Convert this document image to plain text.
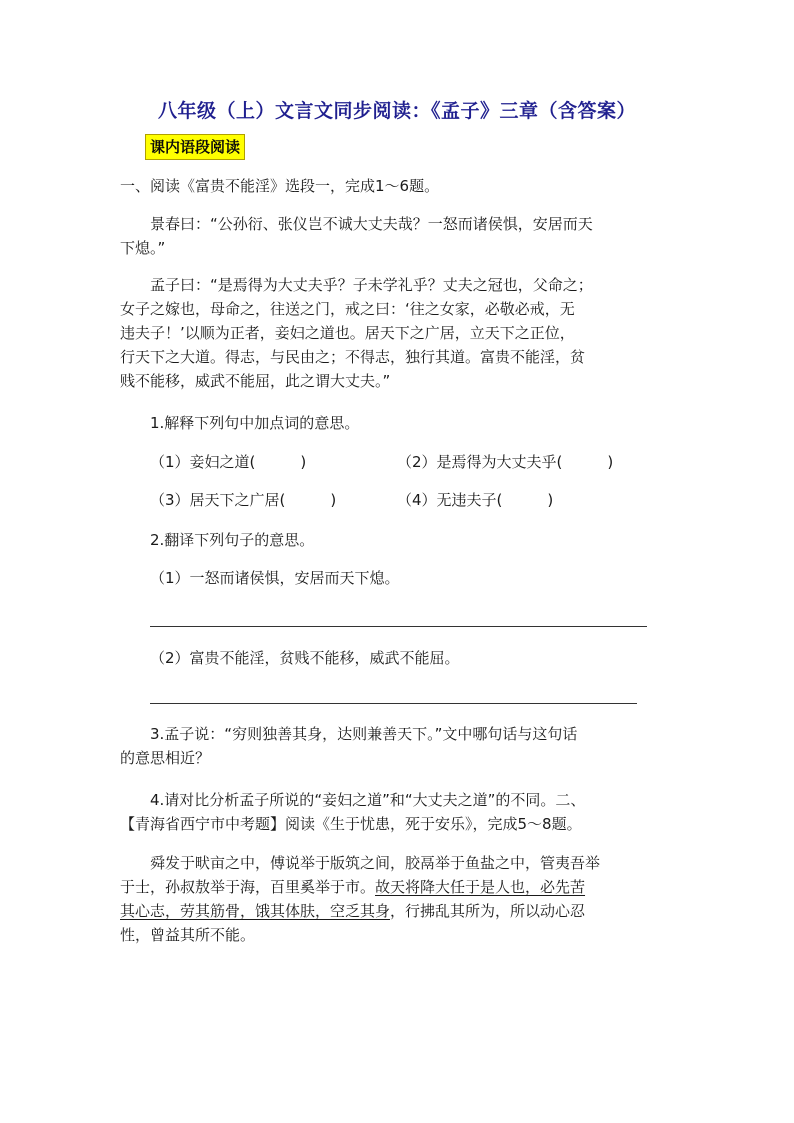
八年级（上）文言文同步阅读：《孟子》三章（含答案）
课内语段阅读
一、阅读《富贵不能淫》选段一，完成1～6题。
景春曰：“公孙衍、张仪岂不诚大丈夫哉？一怒而诸侯惧，安居而天
下熄。”
孟子曰：“是焉得为大丈夫乎？子未学礼乎？丈夫之冠也，父命之；
女子之嫁也，母命之，往送之门，戒之曰：‘往之女家，必敬必戒，无
违夫子！’以顺为正者，妾妇之道也。居天下之广居，立天下之正位，
行天下之大道。得志，与民由之；不得志，独行其道。富贵不能淫，贫
贱不能移，威武不能屈，此之谓大丈夫。”
1.解释下列句中加点词的意思。
（1）妾妇之道(　　　)	（2）是焉得为大丈夫乎(　　　)
（3）居天下之广居(　　　)	（4）无违夫子(　　　)
2.翻译下列句子的意思。
（1）一怒而诸侯惧，安居而天下熄。
（2）富贵不能淫，贫贱不能移，威武不能屈。
3.孟子说：“穷则独善其身，达则兼善天下。”文中哪句话与这句话
的意思相近？
4.请对比分析孟子所说的“妾妇之道”和“大丈夫之道”的不同。二、
【青海省西宁市中考题】阅读《生于忧患，死于安乐》，完成5～8题。
舜发于畎亩之中，傅说举于版筑之间，胶鬲举于鱼盐之中，管夷吾举
于士，孙叔敖举于海，百里奚举于市。故天将降大任于是人也，必先苦
其心志，劳其筋骨，饿其体肤，空乏其身，行拂乱其所为，所以动心忍
性，曾益其所不能。
